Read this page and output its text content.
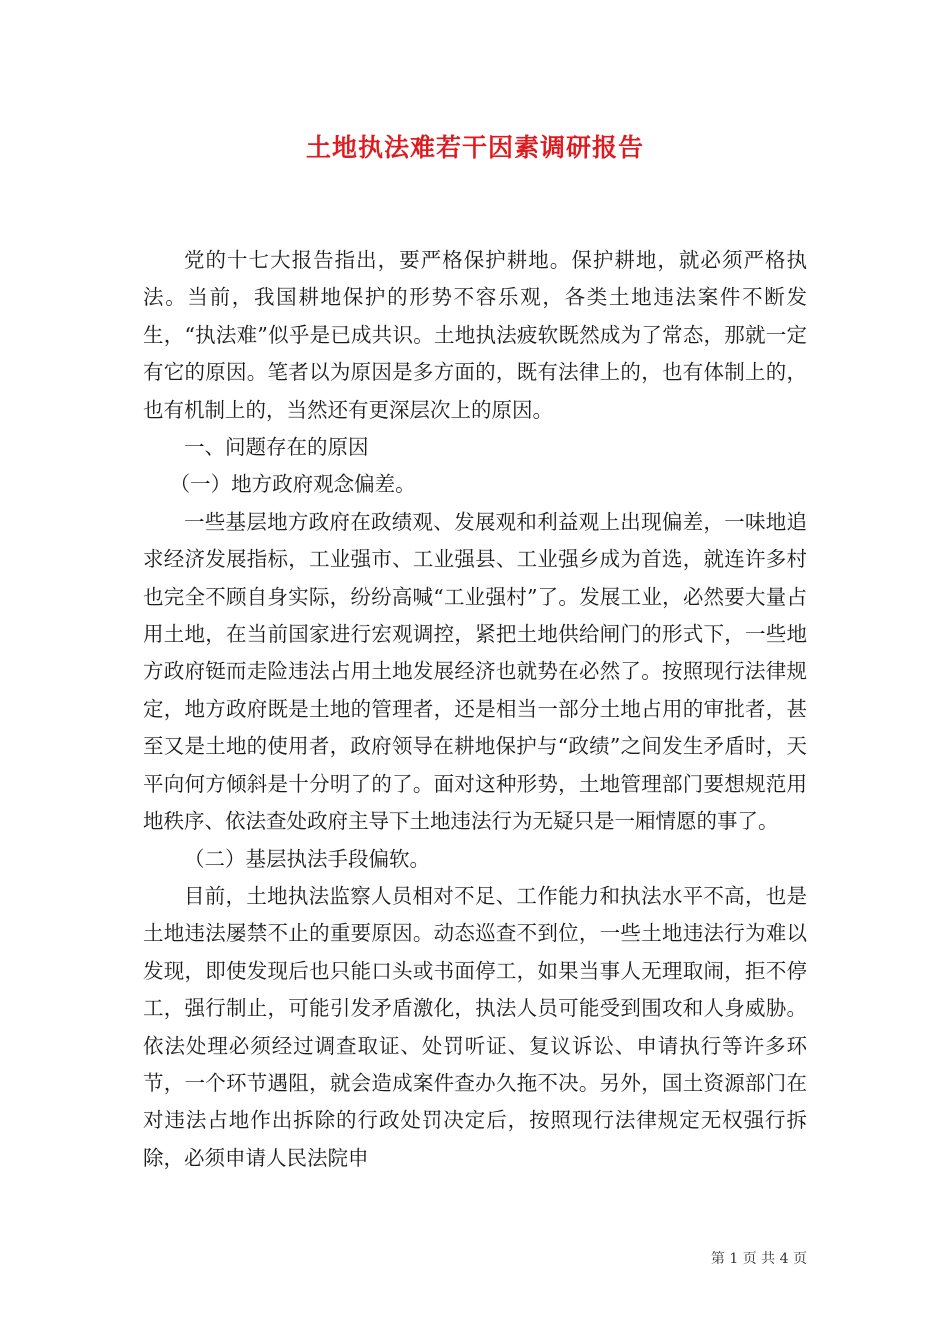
土地执法难若干因素调研报告

党的十七大报告指出，要严格保护耕地。保护耕地，就必须严格执法。当前，我国耕地保护的形势不容乐观，各类土地违法案件不断发生，“执法难”似乎是已成共识。土地执法疲软既然成为了常态，那就一定有它的原因。笔者以为原因是多方面的，既有法律上的，也有体制上的，也有机制上的，当然还有更深层次上的原因。

一、问题存在的原因

（一）地方政府观念偏差。

一些基层地方政府在政绩观、发展观和利益观上出现偏差，一味地追求经济发展指标，工业强市、工业强县、工业强乡成为首选，就连许多村也完全不顾自身实际，纷纷高喊“工业强村”了。发展工业，必然要大量占用土地，在当前国家进行宏观调控，紧把土地供给闸门的形式下，一些地方政府铤而走险违法占用土地发展经济也就势在必然了。按照现行法律规定，地方政府既是土地的管理者，还是相当一部分土地占用的审批者，甚至又是土地的使用者，政府领导在耕地保护与“政绩”之间发生矛盾时，天平向何方倾斜是十分明了的了。面对这种形势，土地管理部门要想规范用地秩序、依法查处政府主导下土地违法行为无疑只是一厢情愿的事了。

（二）基层执法手段偏软。

目前，土地执法监察人员相对不足、工作能力和执法水平不高，也是土地违法屡禁不止的重要原因。动态巡查不到位，一些土地违法行为难以发现，即使发现后也只能口头或书面停工，如果当事人无理取闹，拒不停工，强行制止，可能引发矛盾激化，执法人员可能受到围攻和人身威胁。依法处理必须经过调查取证、处罚听证、复议诉讼、申请执行等许多环节，一个环节遇阻，就会造成案件查办久拖不决。另外，国土资源部门在对违法占地作出拆除的行政处罚决定后，按照现行法律规定无权强行拆除，必须申请人民法院申

第 1 页 共 4 页
